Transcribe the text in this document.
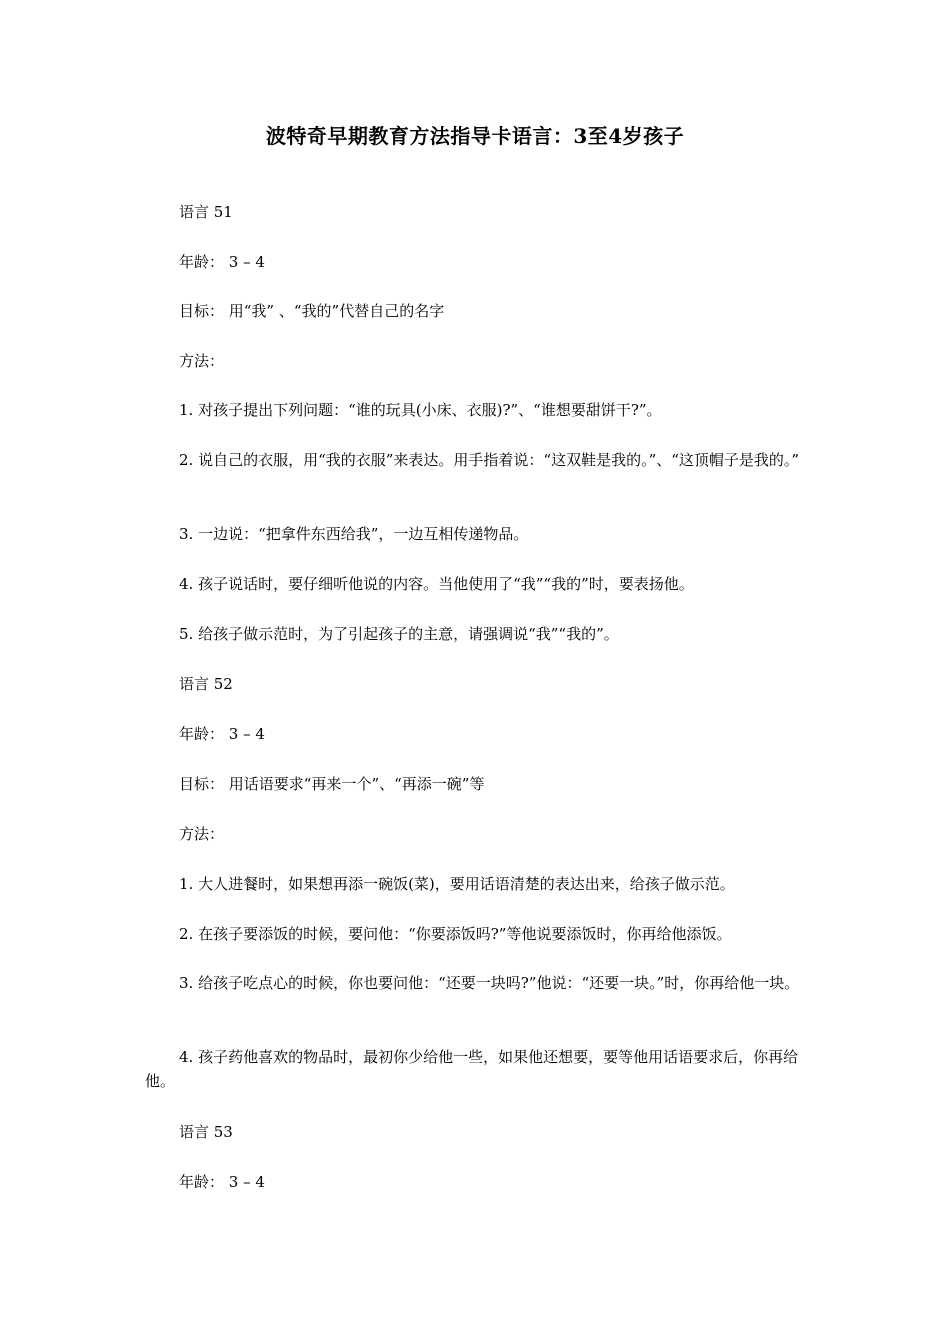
波特奇早期教育方法指导卡语言：3至4岁孩子
语言 51
年龄： 3 – 4
目标： 用“我” 、“我的”代替自己的名字
方法：
1. 对孩子提出下列问题：“谁的玩具(小床、衣服)?”、“谁想要甜饼干?”。
2. 说自己的衣服，用“我的衣服”来表达。用手指着说：“这双鞋是我的。”、“这顶帽子是我的。”
3. 一边说：“把拿件东西给我”，一边互相传递物品。
4. 孩子说话时，要仔细听他说的内容。当他使用了“我”“我的”时，要表扬他。
5. 给孩子做示范时，为了引起孩子的主意，请强调说“我”“我的”。
语言 52
年龄： 3 – 4
目标： 用话语要求“再来一个”、“再添一碗”等
方法：
1. 大人进餐时，如果想再添一碗饭(菜)，要用话语清楚的表达出来，给孩子做示范。
2. 在孩子要添饭的时候，要问他：“你要添饭吗?”等他说要添饭时，你再给他添饭。
3. 给孩子吃点心的时候，你也要问他：“还要一块吗?”他说：“还要一块。”时，你再给他一块。
4. 孩子药他喜欢的物品时，最初你少给他一些，如果他还想要，要等他用话语要求后，你再给他。
语言 53
年龄： 3 – 4
